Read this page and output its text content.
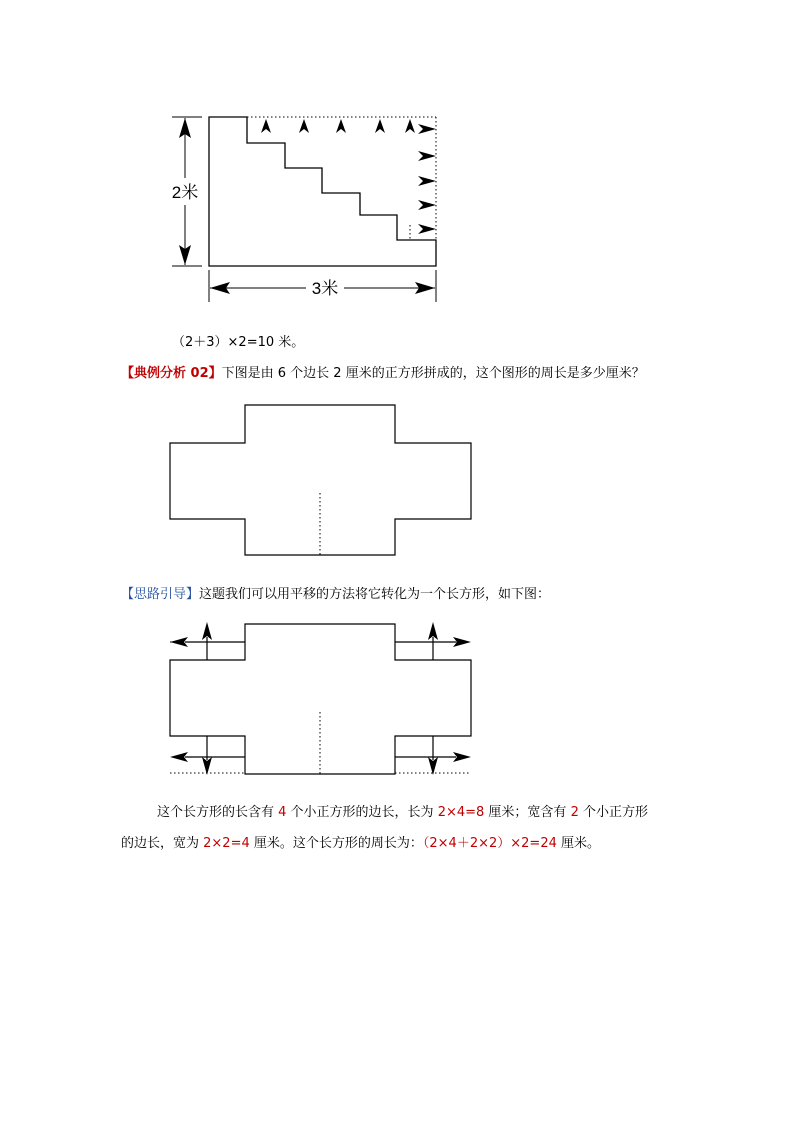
2米
3米
（2＋3）×2=10 米。
【典例分析 02】下图是由 6 个边长 2 厘米的正方形拼成的，这个图形的周长是多少厘米？
【思路引导】这题我们可以用平移的方法将它转化为一个长方形，如下图：
这个长方形的长含有 4 个小正方形的边长，长为 2×4=8 厘米；宽含有 2 个小正方形
的边长，宽为 2×2=4 厘米。这个长方形的周长为：（2×4＋2×2）×2=24 厘米。
